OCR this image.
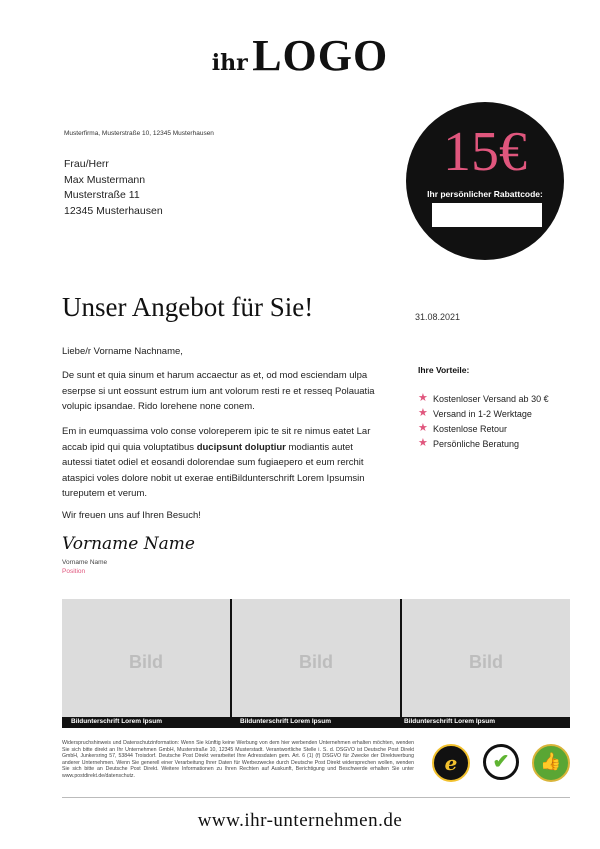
ihr LOGO
Musterfirma, Musterstraße 10, 12345 Musterhausen
Frau/Herr
Max Mustermann
Musterstraße 11
12345 Musterhausen
15€
Ihr persönlicher Rabattcode:
Unser Angebot für Sie!	31.08.2021

Liebe/r Vorname Nachname,

De sunt et quia sinum et harum accaectur as et, od mod esciendam ulpa eserpse si unt eossunt estrum ium ant volorum resti re et resseq Polauatia volupic ipsandae. Rido lorehene none conem.

Em in eumquassima volo conse voloreperem ipic te sit re nimus eatet Lar accab ipid qui quia voluptatibus ducipsunt doluptiur modiantis autet autessi tiatet odiel et eosandi dolorendae sum fugiaepero et eum rerchit ataspici voles dolore nobit ut exerae entiBildunterschrift Lorem Ipsumsin tureputem et verum.

Wir freuen uns auf Ihren Besuch!

Vorname Name
Vorname Name
Position
Ihre Vorteile:
★ Kostenloser Versand ab 30 €
★ Versand in 1-2 Werktage
★ Kostenlose Retour
★ Persönliche Beratung
Bild	Bild	Bild
Bildunterschrift Lorem Ipsum	Bildunterschrift Lorem Ipsum	Bildunterschrift Lorem Ipsum

Widerspruchshinweis und Datenschutzinformation: Wenn Sie künftig keine Werbung von dem hier werbenden Unternehmen erhalten möchten, wenden Sie sich bitte direkt an Ihr Unternehmen GmbH, Musterstraße 10, 12345 Musterstadt. Verantwortliche Stelle i. S. d. DSGVO ist Deutsche Post Direkt GmbH, Junkersring 57, 53844 Troisdorf. Deutsche Post Direkt verarbeitet Ihre Adressdaten gem. Art. 6 (1) (f) DSGVO für Zwecke der Direktwerbung anderer Unternehmen. Wenn Sie generell einer Verarbeitung Ihrer Daten für Werbezwecke durch Deutsche Post Direkt widersprechen wollen, wenden Sie sich bitte an Deutsche Post Direkt. Weitere Informationen zu Ihren Rechten auf Auskunft, Berichtigung und Beschwerde erhalten Sie unter www.postdirekt.de/datenschutz.

e	✔	👍
www.ihr-unternehmen.de
